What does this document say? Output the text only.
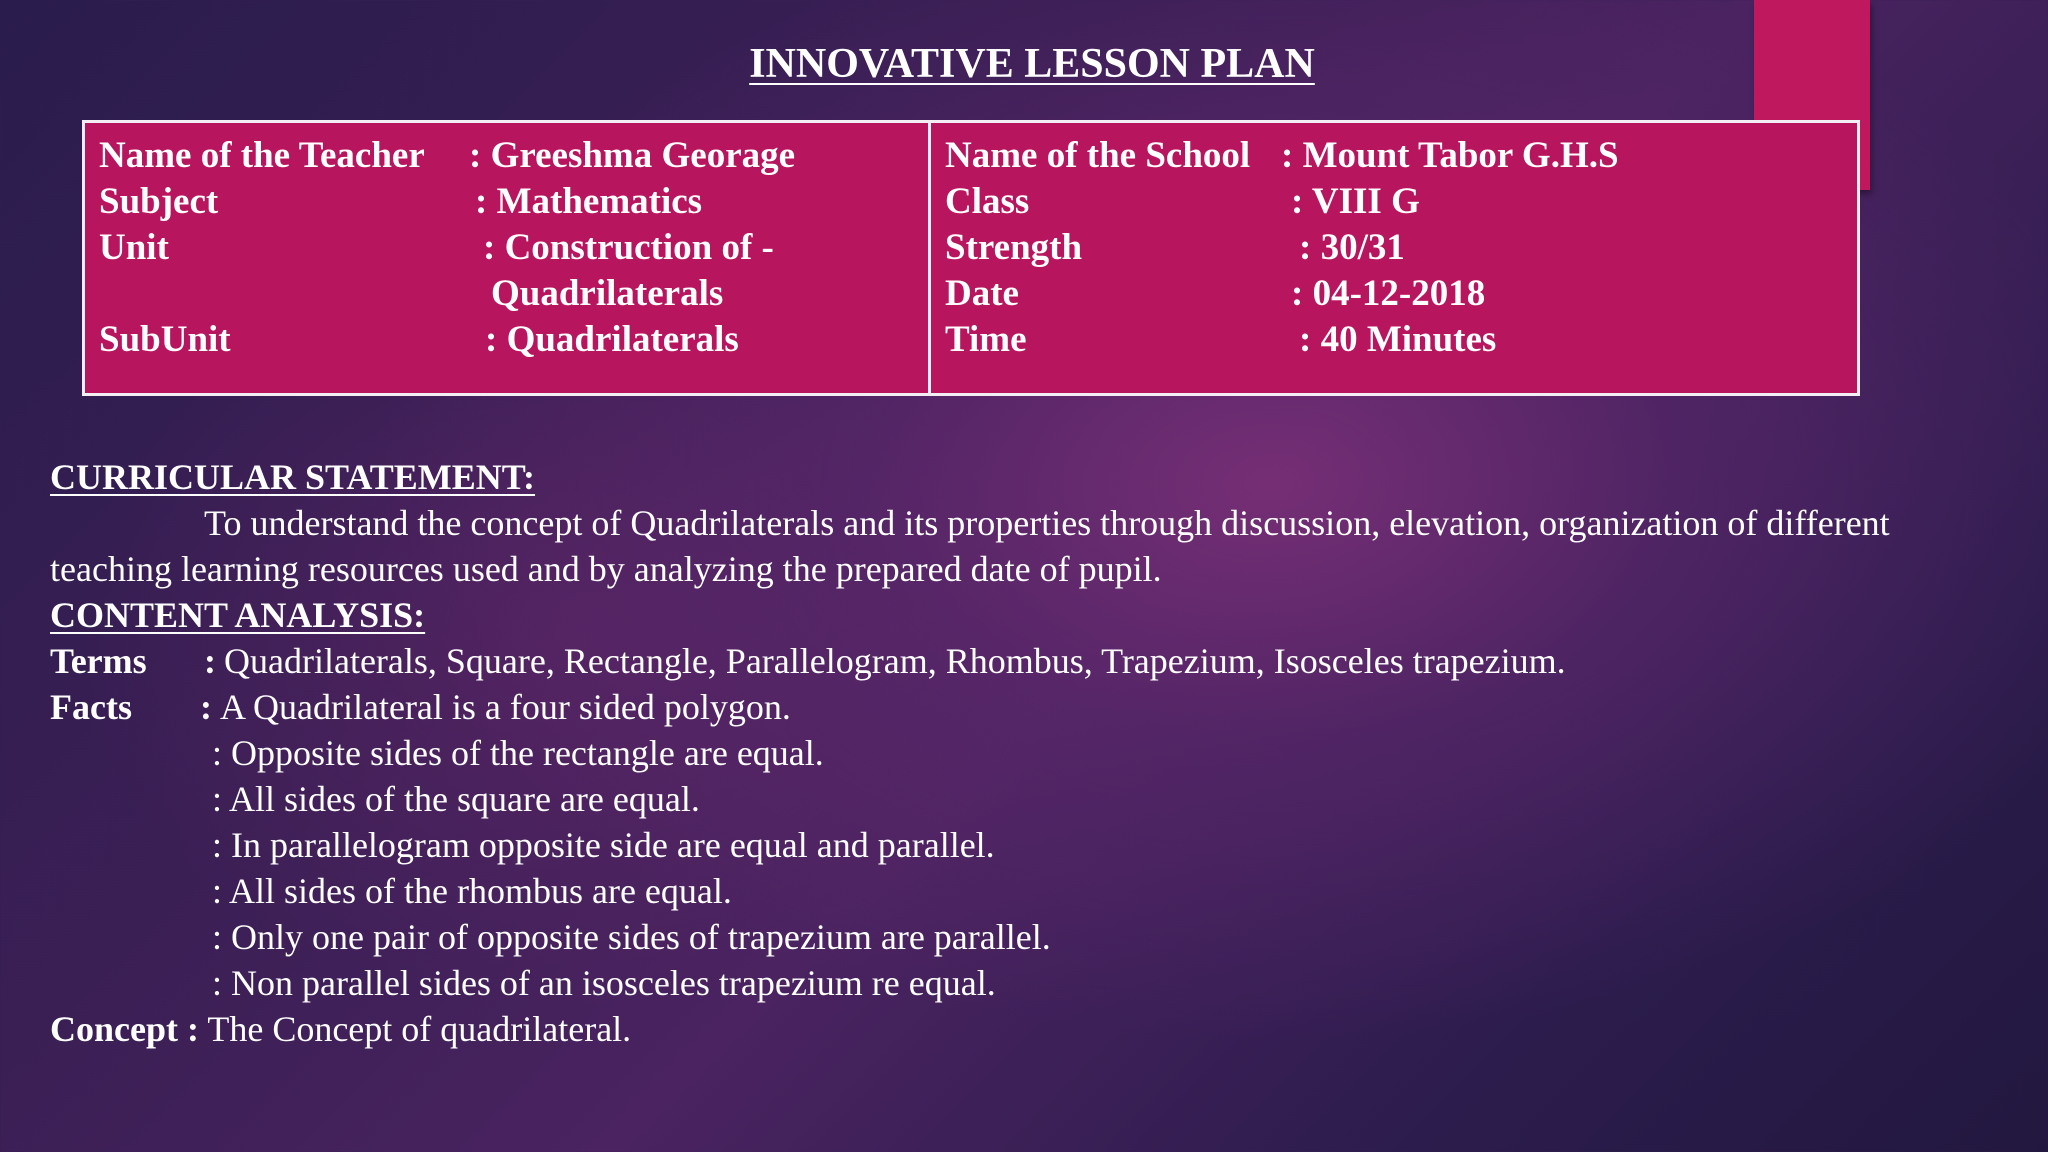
INNOVATIVE LESSON PLAN
Name of the Teacher	: Greeshma Georage
Subject	: Mathematics
Unit	: Construction of -
Quadrilaterals
SubUnit	: Quadrilaterals
Name of the School : Mount Tabor G.H.S
Class	: VIII G
Strength	: 30/31
Date	: 04-12-2018
Time	: 40 Minutes
CURRICULAR STATEMENT:

To understand the concept of Quadrilaterals and its properties through discussion, elevation, organization of different teaching learning resources used and by analyzing the prepared date of pupil.

CONTENT ANALYSIS:
Terms	: Quadrilaterals, Square, Rectangle, Parallelogram, Rhombus, Trapezium, Isosceles trapezium.
Facts	: A Quadrilateral is a four sided polygon.
: Opposite sides of the rectangle are equal.
: All sides of the square are equal.
: In parallelogram opposite side are equal and parallel.
: All sides of the rhombus are equal.
: Only one pair of opposite sides of trapezium are parallel.
: Non parallel sides of an isosceles trapezium re equal.
Concept : The Concept of quadrilateral.
